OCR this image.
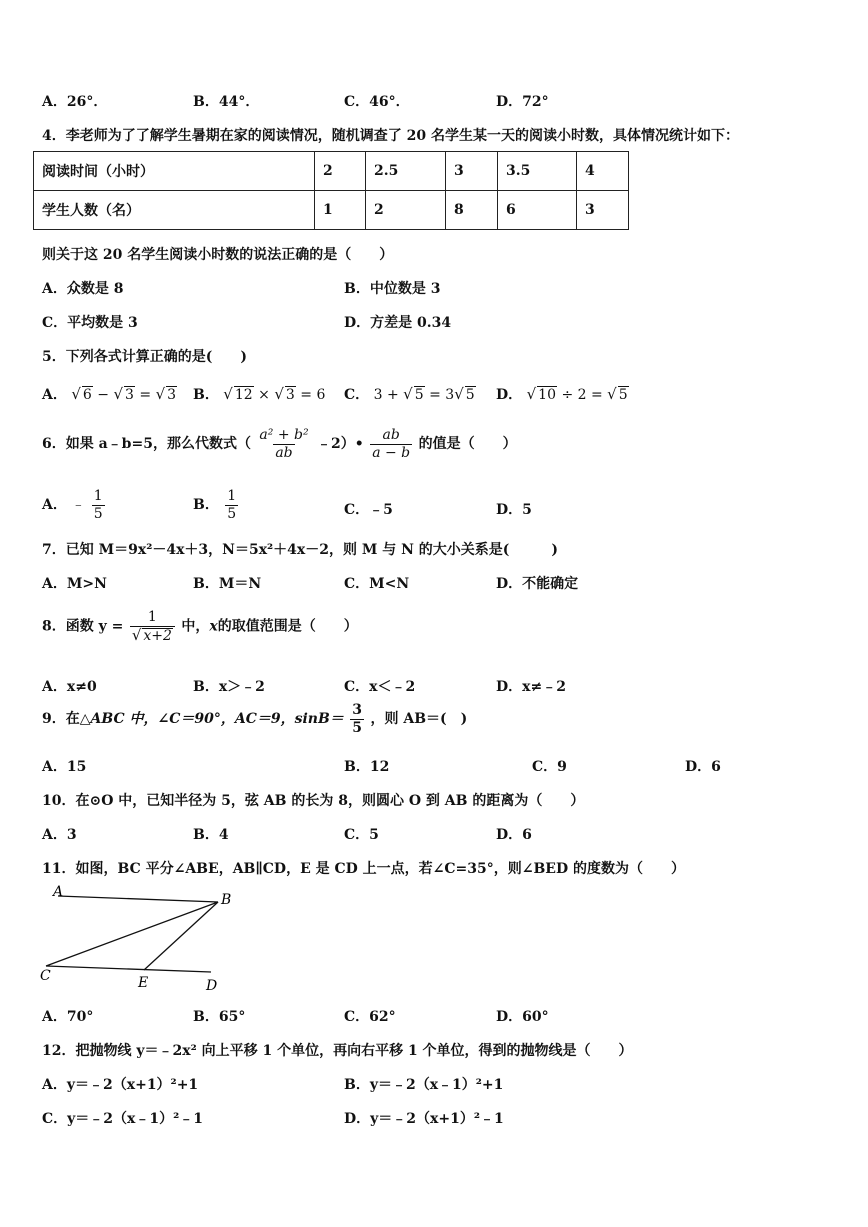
A．26°．	B．44°．	C．46°．	D．72°
4．李老师为了了解学生暑期在家的阅读情况，随机调查了 20 名学生某一天的阅读小时数，具体情况统计如下：
阅读时间（小时）	2	2.5	3	3.5	4
学生人数（名）	1	2	8	6	3
则关于这 20 名学生阅读小时数的说法正确的是（　　）
A．众数是 8	B．中位数是 3
C．平均数是 3	D．方差是 0.34
5．下列各式计算正确的是(　　)
A． √ 6 − √ 3 = √ 3 B． √ 12 × √ 3 = 6 C． 3 + √ 5 = 3√ 5 D． √ 10 ÷ 2 = √ 5
6．如果 a﹣b=5，那么代数式（ $\frac{\text{a² + b²}}{ab}$ ﹣2）• $\frac{ab}{a - b}$ 的值是（　　）
A． ﹣ $\frac{1}{5}$	B． $\frac{1}{5}$	C．﹣5	D．5
7．已知 M＝9x²－4x＋3，N＝5x²＋4x－2，则 M 与 N 的大小关系是(　　　)
A．M>N	B．M＝N	C．M<N	D．不能确定
8．函数 $y = \frac{1}{√ x+2}$ 中，x的取值范围是（　　）
A．x≠0	B．x＞﹣2	C．x＜﹣2	D．x≠﹣2
9．在△ABC 中，∠C＝90°，AC＝9，$\sin B= \frac{3}{5}$ ，则 AB＝(　)
A．15	B．12	C．9	D．6
10．在⊙O 中，已知半径为 5，弦 AB 的长为 8，则圆心 O 到 AB 的距离为（　　）
A．3	B．4	C．5	D．6
11．如图，BC 平分∠ABE，AB∥CD，E 是 CD 上一点，若∠C=35°，则∠BED 的度数为（　　）
A	B
C	E	D
A．70°	B．65°	C．62°	D．60°
12．把抛物线 y＝﹣2x² 向上平移 1 个单位，再向右平移 1 个单位，得到的抛物线是（　　）
A．y＝﹣2（x+1）²+1	B．y＝﹣2（x﹣1）²+1
C．y＝﹣2（x﹣1）²﹣1	D．y＝﹣2（x+1）²﹣1
